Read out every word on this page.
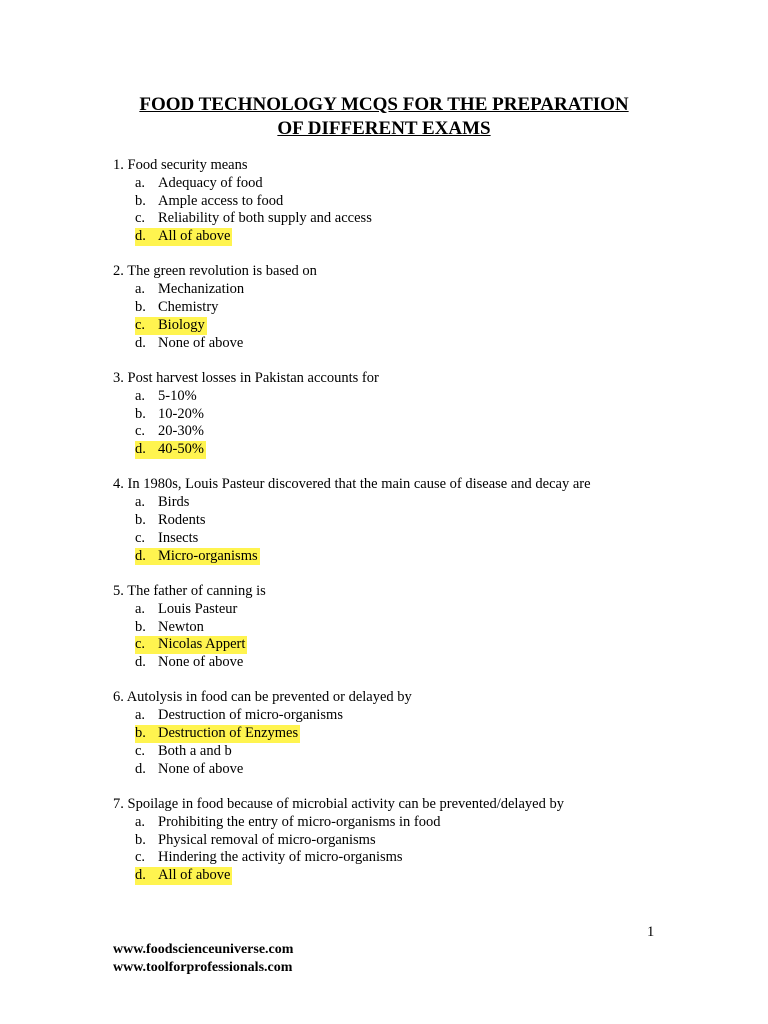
FOOD TECHNOLOGY MCQS FOR THE PREPARATION
OF DIFFERENT EXAMS
1. Food security means
a. Adequacy of food
b. Ample access to food
c. Reliability of both supply and access
d. All of above
2. The green revolution is based on
a. Mechanization
b. Chemistry
c. Biology
d. None of above
3. Post harvest losses in Pakistan accounts for
a. 5-10%
b. 10-20%
c. 20-30%
d. 40-50%
4. In 1980s, Louis Pasteur discovered that the main cause of disease and decay are
a. Birds
b. Rodents
c. Insects
d. Micro-organisms
5. The father of canning is
a. Louis Pasteur
b. Newton
c. Nicolas Appert
d. None of above
6. Autolysis in food can be prevented or delayed by
a. Destruction of micro-organisms
b. Destruction of Enzymes
c. Both a and b
d. None of above
7. Spoilage in food because of microbial activity can be prevented/delayed by
a. Prohibiting the entry of micro-organisms in food
b. Physical removal of micro-organisms
c. Hindering the activity of micro-organisms
d. All of above
1
www.foodscienceuniverse.com
www.toolforprofessionals.com
